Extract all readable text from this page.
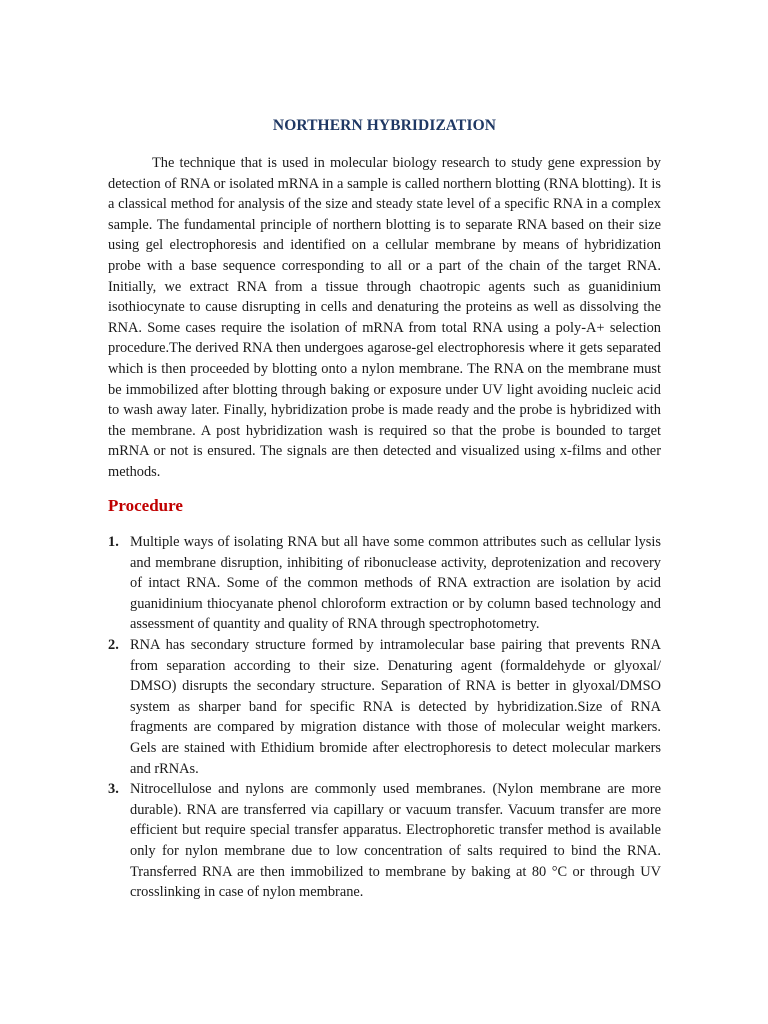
NORTHERN HYBRIDIZATION

The technique that is used in molecular biology research to study gene expression by detection of RNA or isolated mRNA in a sample is called northern blotting (RNA blotting). It is a classical method for analysis of the size and steady state level of a specific RNA in a complex sample. The fundamental principle of northern blotting is to separate RNA based on their size using gel electrophoresis and identified on a cellular membrane by means of hybridization probe with a base sequence corresponding to all or a part of the chain of the target RNA. Initially, we extract RNA from a tissue through chaotropic agents such as guanidinium isothiocynate to cause disrupting in cells and denaturing the proteins as well as dissolving the RNA. Some cases require the isolation of mRNA from total RNA using a poly-A+ selection procedure.The derived RNA then undergoes agarose-gel electrophoresis where it gets separated which is then proceeded by blotting onto a nylon membrane. The RNA on the membrane must be immobilized after blotting through baking or exposure under UV light avoiding nucleic acid to wash away later. Finally, hybridization probe is made ready and the probe is hybridized with the membrane. A post hybridization wash is required so that the probe is bounded to target mRNA or not is ensured. The signals are then detected and visualized using x-films and other methods.

Procedure
1. Multiple ways of isolating RNA but all have some common attributes such as cellular lysis and membrane disruption, inhibiting of ribonuclease activity, deprotenization and recovery of intact RNA. Some of the common methods of RNA extraction are isolation by acid guanidinium thiocyanate phenol chloroform extraction or by column based technology and assessment of quantity and quality of RNA through spectrophotometry.
2. RNA has secondary structure formed by intramolecular base pairing that prevents RNA from separation according to their size. Denaturing agent (formaldehyde or glyoxal/ DMSO) disrupts the secondary structure. Separation of RNA is better in glyoxal/DMSO system as sharper band for specific RNA is detected by hybridization.Size of RNA fragments are compared by migration distance with those of molecular weight markers. Gels are stained with Ethidium bromide after electrophoresis to detect molecular markers and rRNAs.
3. Nitrocellulose and nylons are commonly used membranes. (Nylon membrane are more durable). RNA are transferred via capillary or vacuum transfer. Vacuum transfer are more efficient but require special transfer apparatus. Electrophoretic transfer method is available only for nylon membrane due to low concentration of salts required to bind the RNA. Transferred RNA are then immobilized to membrane by baking at 80 °C or through UV crosslinking in case of nylon membrane.
